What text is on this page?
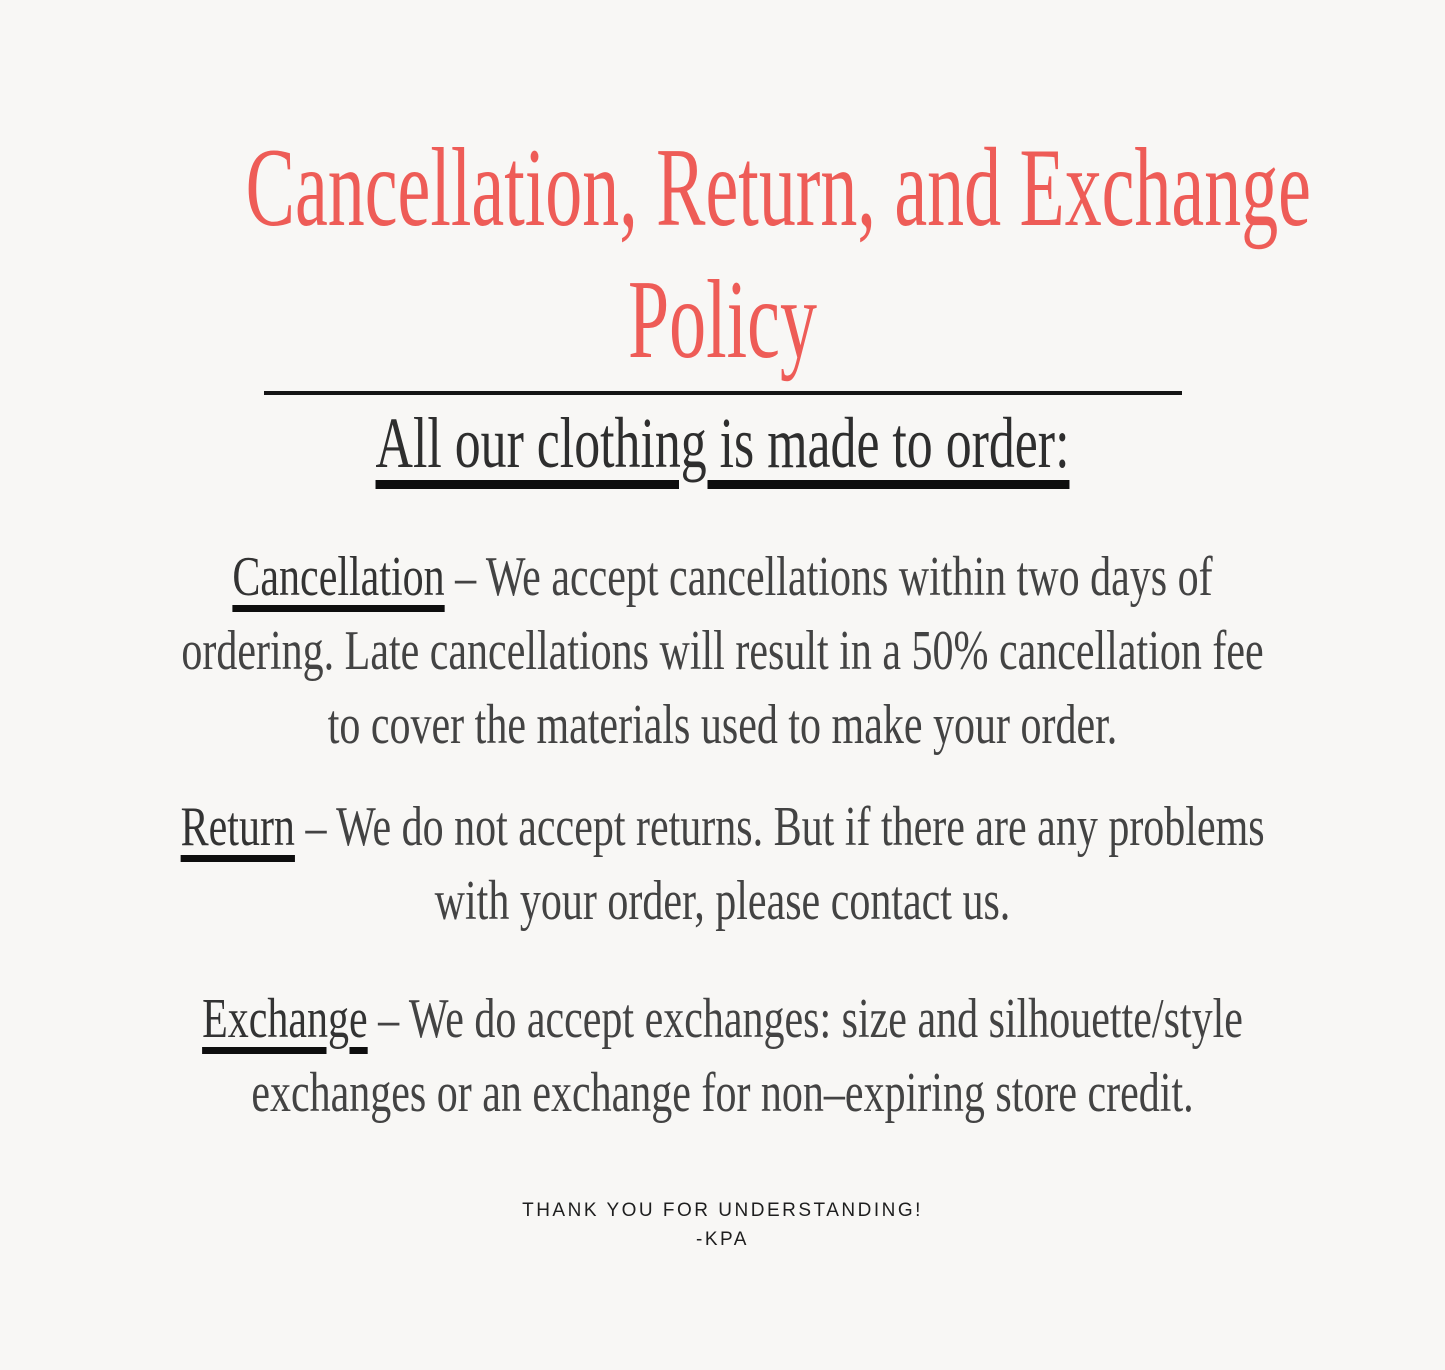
Cancellation, Return, and Exchange
Policy
All our clothing is made to order:

Cancellation – We accept cancellations within two days of
ordering. Late cancellations will result in a 50% cancellation fee
to cover the materials used to make your order.

Return – We do not accept returns. But if there are any problems
with your order, please contact us.

Exchange – We do accept exchanges: size and silhouette/style
exchanges or an exchange for non–expiring store credit.

THANK YOU FOR UNDERSTANDING!
-KPA
